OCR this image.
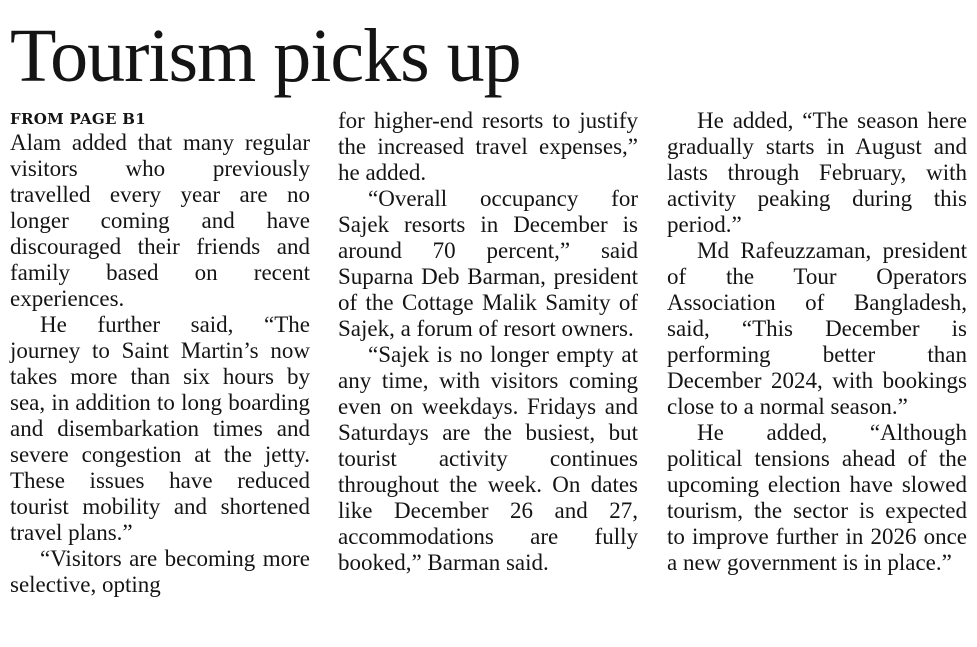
Tourism picks up
FROM PAGE B1

Alam added that many regular visitors who previously travelled every year are no longer coming and have discouraged their friends and family based on recent experiences.

He further said, “The journey to Saint Martin’s now takes more than six hours by sea, in addition to long boarding and disembarkation times and severe congestion at the jetty. These issues have reduced tourist mobility and shortened travel plans.”

“Visitors are becoming more selective, opting

for higher-end resorts to justify the increased travel expenses,” he added.

“Overall occupancy for Sajek resorts in December is around 70 percent,” said Suparna Deb Barman, president of the Cottage Malik Samity of Sajek, a forum of resort owners.

“Sajek is no longer empty at any time, with visitors coming even on weekdays. Fridays and Saturdays are the busiest, but tourist activity continues throughout the week. On dates like December 26 and 27, accommodations are fully booked,” Barman said.

He added, “The season here gradually starts in August and lasts through February, with activity peaking during this period.”

Md Rafeuzzaman, president of the Tour Operators Association of Bangladesh, said, “This December is performing better than December 2024, with bookings close to a normal season.”

He added, “Although political tensions ahead of the upcoming election have slowed tourism, the sector is expected to improve further in 2026 once a new government is in place.”
